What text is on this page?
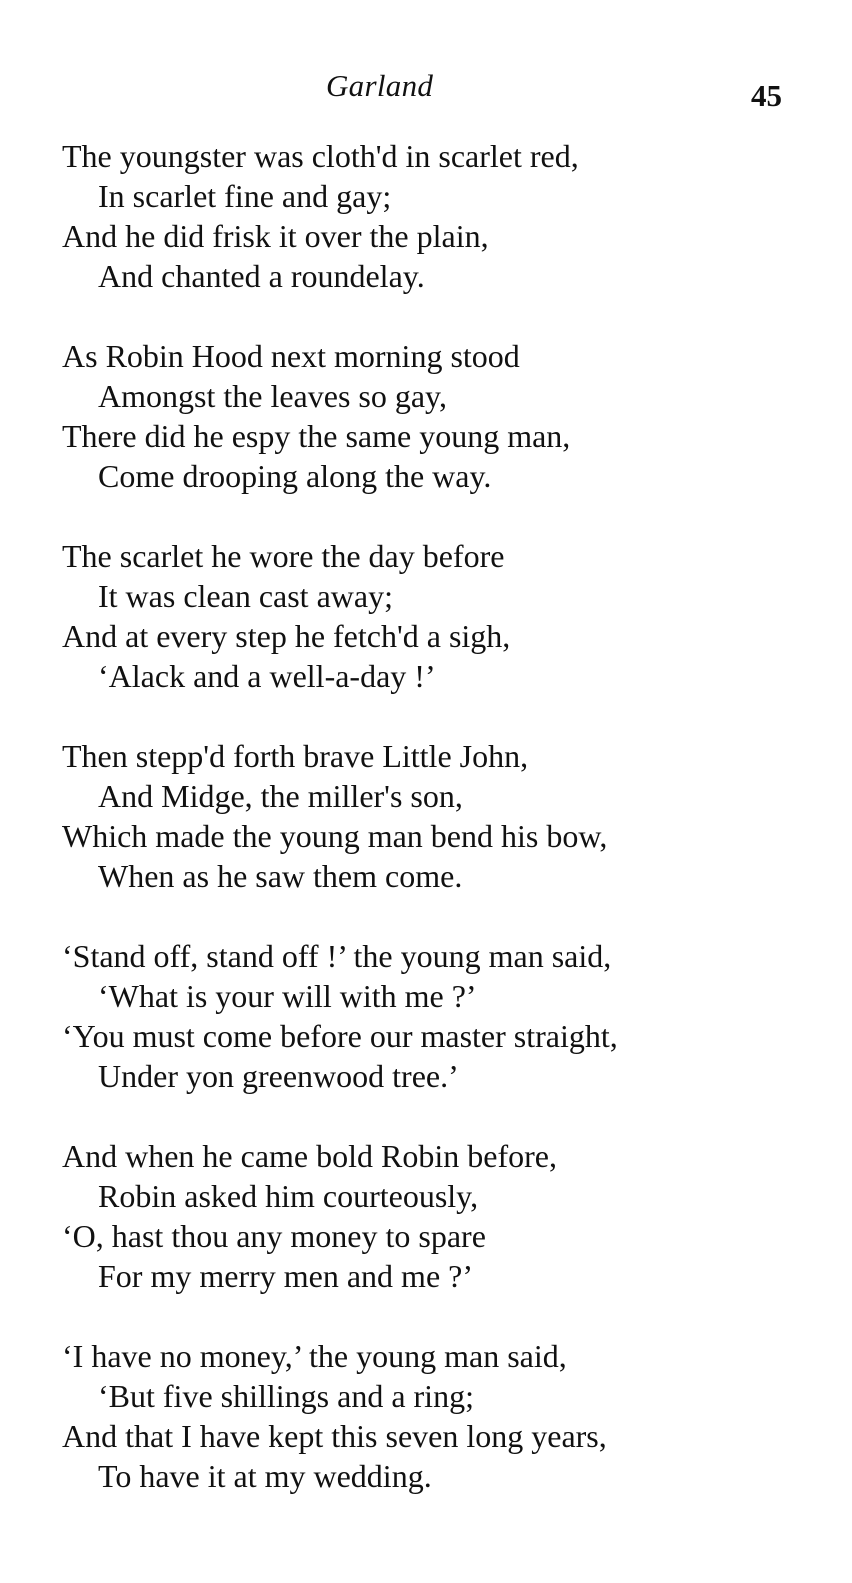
Garland	45
The youngster was cloth'd in scarlet red,
In scarlet fine and gay;
And he did frisk it over the plain,
And chanted a roundelay.
As Robin Hood next morning stood
Amongst the leaves so gay,
There did he espy the same young man,
Come drooping along the way.
The scarlet he wore the day before
It was clean cast away;
And at every step he fetch'd a sigh,
‘Alack and a well-a-day !’
Then stepp'd forth brave Little John,
And Midge, the miller's son,
Which made the young man bend his bow,
When as he saw them come.
‘Stand off, stand off !’ the young man said,
‘What is your will with me ?’
‘You must come before our master straight,
Under yon greenwood tree.’
And when he came bold Robin before,
Robin asked him courteously,
‘O, hast thou any money to spare
For my merry men and me ?’
‘I have no money,’ the young man said,
‘But five shillings and a ring;
And that I have kept this seven long years,
To have it at my wedding.
